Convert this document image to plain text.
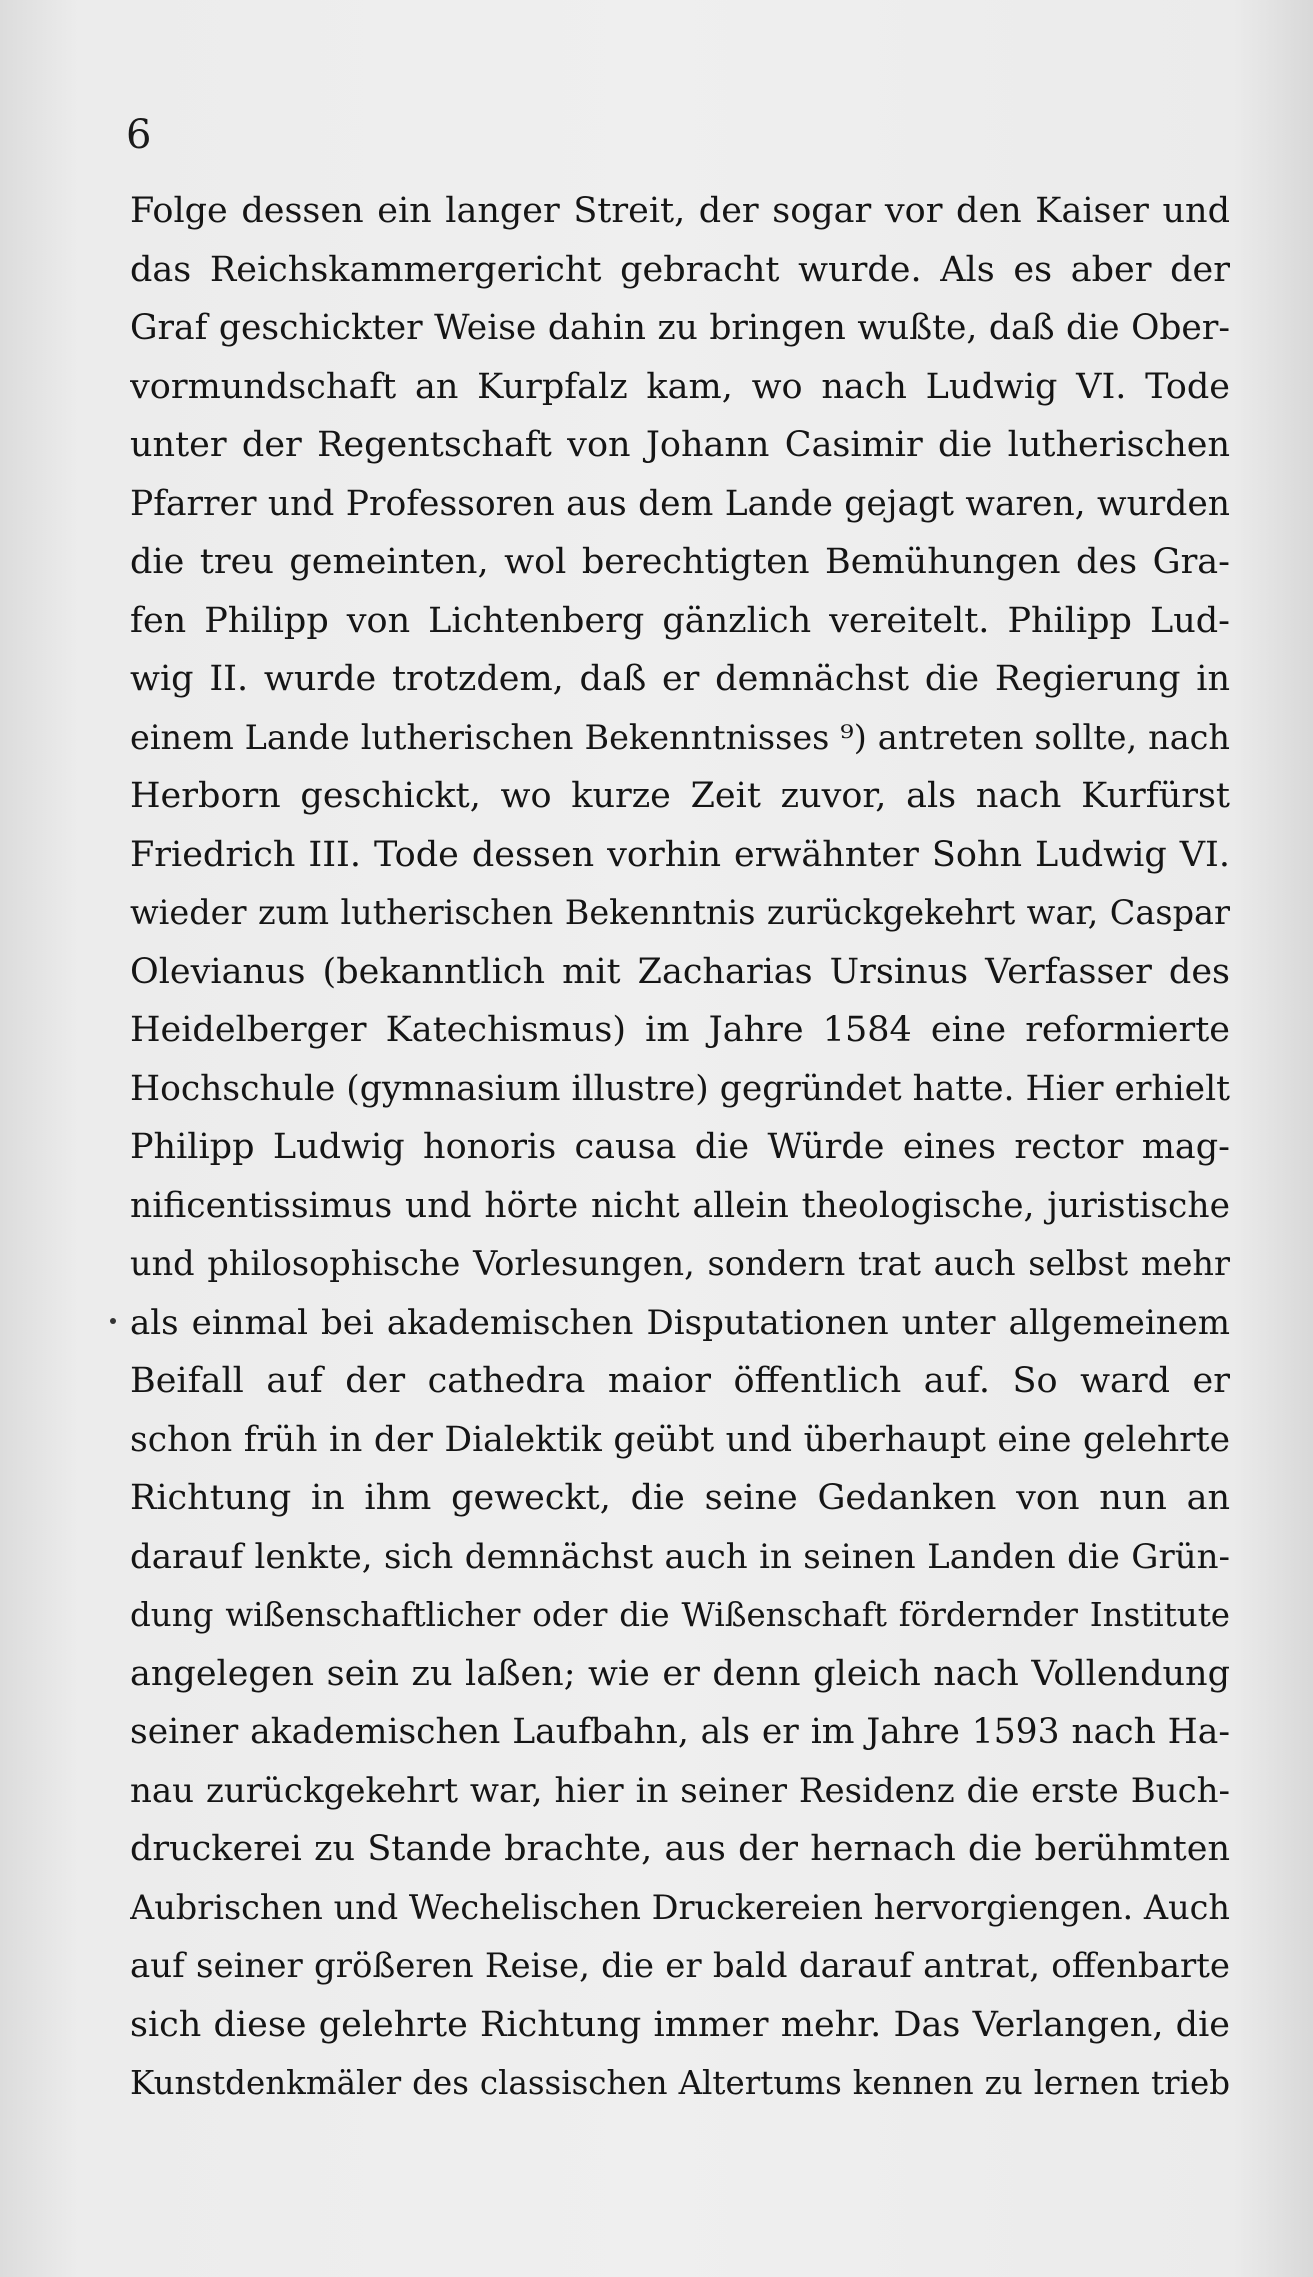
6
Folge dessen ein langer Streit, der sogar vor den Kaiser und
das Reichskammergericht gebracht wurde. Als es aber der
Graf geschickter Weise dahin zu bringen wußte, daß die Ober-
vormundschaft an Kurpfalz kam, wo nach Ludwig VI. Tode
unter der Regentschaft von Johann Casimir die lutherischen
Pfarrer und Professoren aus dem Lande gejagt waren, wurden
die treu gemeinten, wol berechtigten Bemühungen des Gra-
fen Philipp von Lichtenberg gänzlich vereitelt. Philipp Lud-
wig II. wurde trotzdem, daß er demnächst die Regierung in
einem Lande lutherischen Bekenntnisses ⁹) antreten sollte, nach
Herborn geschickt, wo kurze Zeit zuvor, als nach Kurfürst
Friedrich III. Tode dessen vorhin erwähnter Sohn Ludwig VI.
wieder zum lutherischen Bekenntnis zurückgekehrt war, Caspar
Olevianus (bekanntlich mit Zacharias Ursinus Verfasser des
Heidelberger Katechismus) im Jahre 1584 eine reformierte
Hochschule (gymnasium illustre) gegründet hatte. Hier erhielt
Philipp Ludwig honoris causa die Würde eines rector mag-
nificentissimus und hörte nicht allein theologische, juristische
und philosophische Vorlesungen, sondern trat auch selbst mehr
als einmal bei akademischen Disputationen unter allgemeinem
Beifall auf der cathedra maior öffentlich auf. So ward er
schon früh in der Dialektik geübt und überhaupt eine gelehrte
Richtung in ihm geweckt, die seine Gedanken von nun an
darauf lenkte, sich demnächst auch in seinen Landen die Grün-
dung wißenschaftlicher oder die Wißenschaft fördernder Institute
angelegen sein zu laßen; wie er denn gleich nach Vollendung
seiner akademischen Laufbahn, als er im Jahre 1593 nach Ha-
nau zurückgekehrt war, hier in seiner Residenz die erste Buch-
druckerei zu Stande brachte, aus der hernach die berühmten
Aubrischen und Wechelischen Druckereien hervorgiengen. Auch
auf seiner größeren Reise, die er bald darauf antrat, offenbarte
sich diese gelehrte Richtung immer mehr. Das Verlangen, die
Kunstdenkmäler des classischen Altertums kennen zu lernen trieb
